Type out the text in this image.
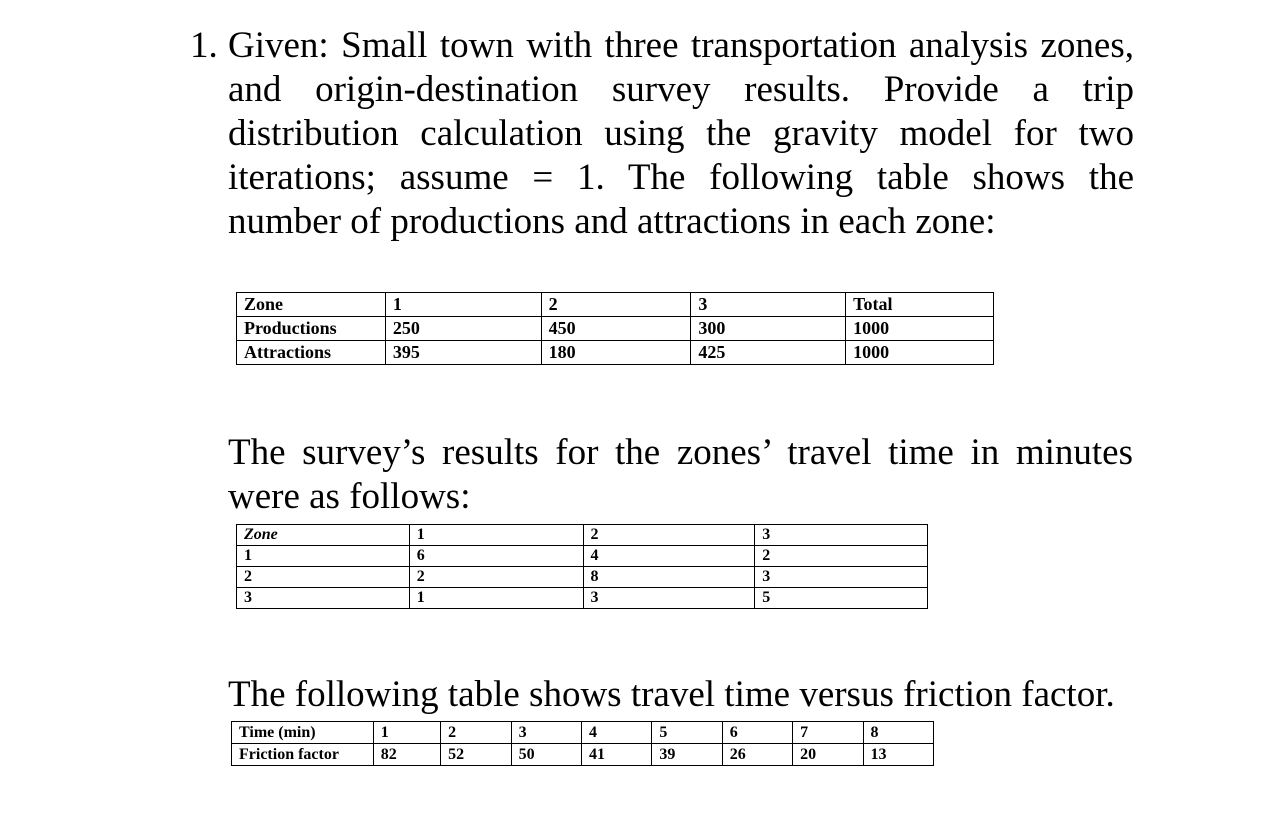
1. Given: Small town with three transportation analysis zones, and origin-destination survey results. Provide a trip distribution calculation using the gravity model for two iterations; assume = 1. The following table shows the number of productions and attractions in each zone:
Zone	1	2	3	Total
Productions	250	450	300	1000
Attractions	395	180	425	1000
The survey’s results for the zones’ travel time in minutes were as follows:
Zone	1	2	3
1	6	4	2
2	2	8	3
3	1	3	5
The following table shows travel time versus friction factor.
Time (min)	1	2	3	4	5	6	7	8
Friction factor	82	52	50	41	39	26	20	13
